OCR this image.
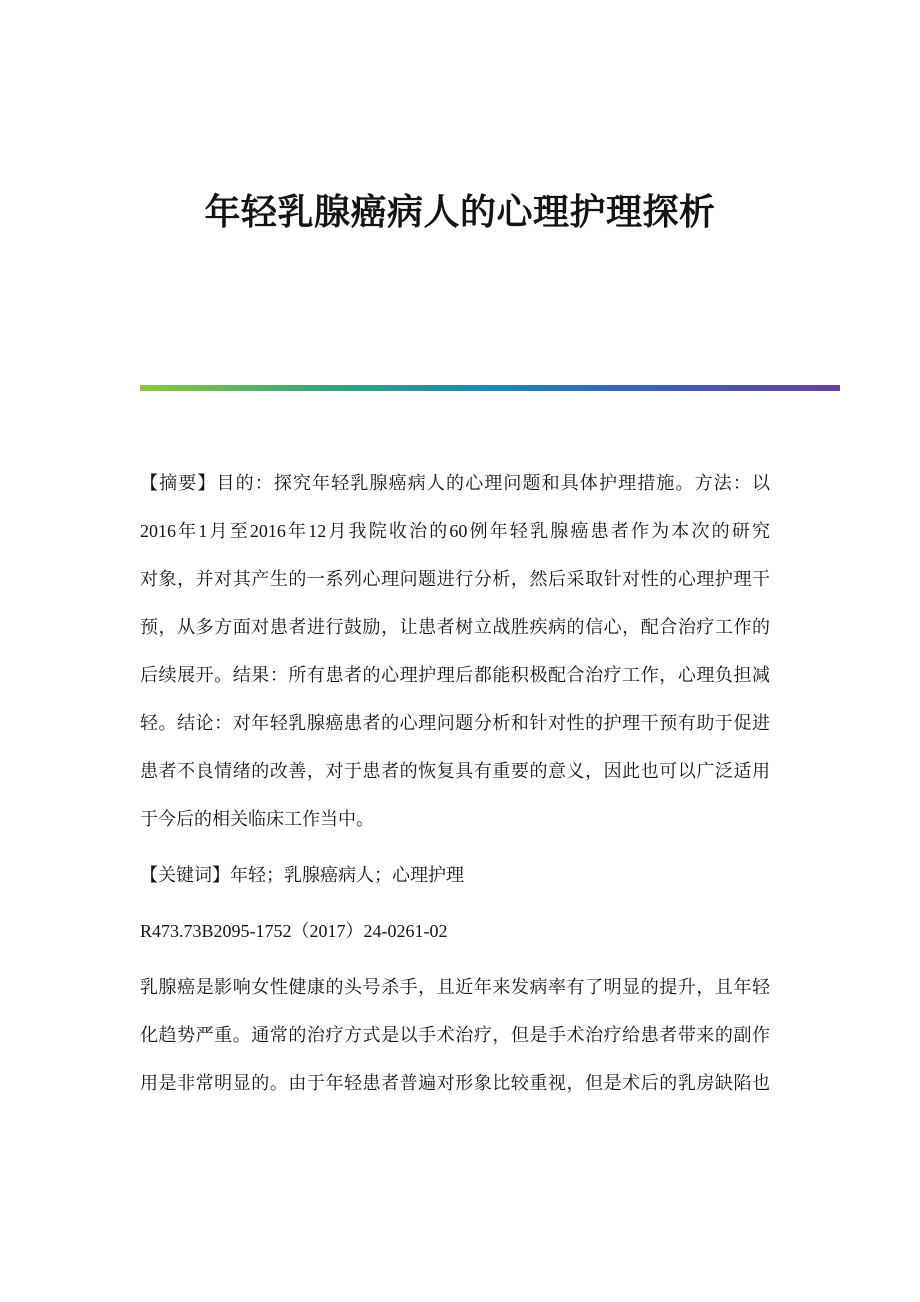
年轻乳腺癌病人的心理护理探析
【摘要】目的：探究年轻乳腺癌病人的心理问题和具体护理措施。方法：以
2016年1月至2016年12月我院收治的60例年轻乳腺癌患者作为本次的研究
对象，并对其产生的一系列心理问题进行分析，然后采取针对性的心理护理干
预，从多方面对患者进行鼓励，让患者树立战胜疾病的信心，配合治疗工作的
后续展开。结果：所有患者的心理护理后都能积极配合治疗工作，心理负担减
轻。结论：对年轻乳腺癌患者的心理问题分析和针对性的护理干预有助于促进
患者不良情绪的改善，对于患者的恢复具有重要的意义，因此也可以广泛适用
于今后的相关临床工作当中。
【关键词】年轻；乳腺癌病人；心理护理
R473.73B2095-1752（2017）24-0261-02
乳腺癌是影响女性健康的头号杀手，且近年来发病率有了明显的提升，且年轻
化趋势严重。通常的治疗方式是以手术治疗，但是手术治疗给患者带来的副作
用是非常明显的。由于年轻患者普遍对形象比较重视，但是术后的乳房缺陷也
